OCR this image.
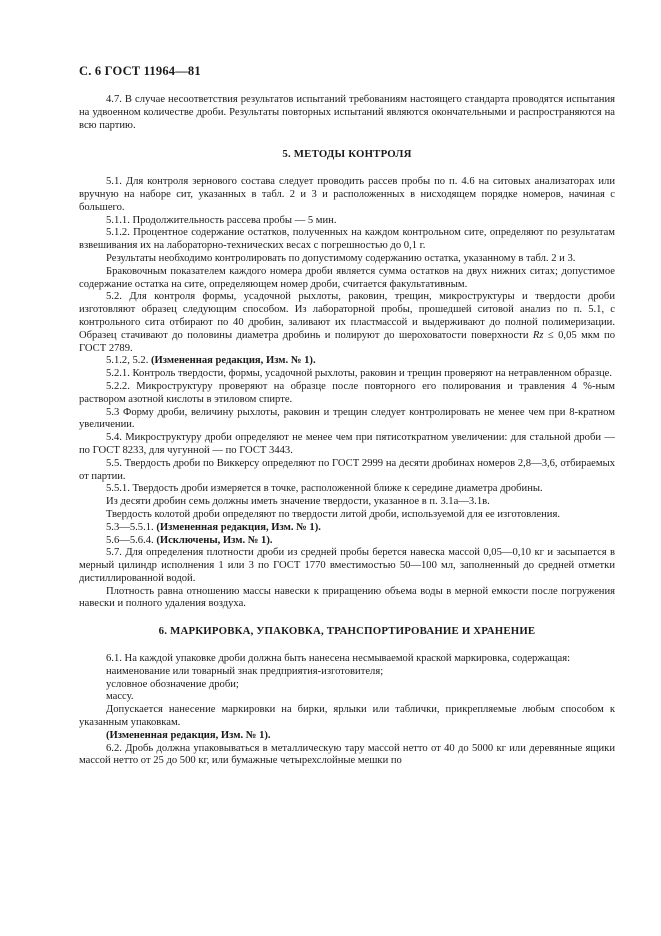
С. 6 ГОСТ 11964—81

4.7. В случае несоответствия результатов испытаний требованиям настоящего стандарта проводятся испытания на удвоенном количестве дроби. Результаты повторных испытаний являются окончательными и распространяются на всю партию.

5. МЕТОДЫ КОНТРОЛЯ

5.1. Для контроля зернового состава следует проводить рассев пробы по п. 4.6 на ситовых анализаторах или вручную на наборе сит, указанных в табл. 2 и 3 и расположенных в нисходящем порядке номеров, начиная с большего.

5.1.1. Продолжительность рассева пробы — 5 мин.

5.1.2. Процентное содержание остатков, полученных на каждом контрольном сите, определяют по результатам взвешивания их на лабораторно-технических весах с погрешностью до 0,1 г.

Результаты необходимо контролировать по допустимому содержанию остатка, указанному в табл. 2 и 3.

Браковочным показателем каждого номера дроби является сумма остатков на двух нижних ситах; допустимое содержание остатка на сите, определяющем номер дроби, считается факультативным.

5.2. Для контроля формы, усадочной рыхлоты, раковин, трещин, микроструктуры и твердости дроби изготовляют образец следующим способом. Из лабораторной пробы, прошедшей ситовой анализ по п. 5.1, с контрольного сита отбирают по 40 дробин, заливают их пластмассой и выдерживают до полной полимеризации. Образец стачивают до половины диаметра дробинь и полируют до шероховатости поверхности Rz ≤ 0,05 мкм по ГОСТ 2789.

5.1.2, 5.2. (Измененная редакция, Изм. № 1).

5.2.1. Контроль твердости, формы, усадочной рыхлоты, раковин и трещин проверяют на нетравленном образце.

5.2.2. Микроструктуру проверяют на образце после повторного его полирования и травления 4 %-ным раствором азотной кислоты в этиловом спирте.

5.3 Форму дроби, величину рыхлоты, раковин и трещин следует контролировать не менее чем при 8-кратном увеличении.

5.4. Микроструктуру дроби определяют не менее чем при пятисоткратном увеличении: для стальной дроби — по ГОСТ 8233, для чугунной — по ГОСТ 3443.

5.5. Твердость дроби по Виккерсу определяют по ГОСТ 2999 на десяти дробинах номеров 2,8—3,6, отбираемых от партии.

5.5.1. Твердость дроби измеряется в точке, расположенной ближе к середине диаметра дробины.

Из десяти дробин семь должны иметь значение твердости, указанное в п. 3.1а—3.1в.

Твердость колотой дроби определяют по твердости литой дроби, используемой для ее изготовления.

5.3—5.5.1. (Измененная редакция, Изм. № 1).

5.6—5.6.4. (Исключены, Изм. № 1).

5.7. Для определения плотности дроби из средней пробы берется навеска массой 0,05—0,10 кг и засыпается в мерный цилиндр исполнения 1 или 3 по ГОСТ 1770 вместимостью 50—100 мл, заполненный до средней отметки дистиллированной водой.

Плотность равна отношению массы навески к приращению объема воды в мерной емкости после погружения навески и полного удаления воздуха.

6. МАРКИРОВКА, УПАКОВКА, ТРАНСПОРТИРОВАНИЕ И ХРАНЕНИЕ

6.1. На каждой упаковке дроби должна быть нанесена несмываемой краской маркировка, содержащая:

наименование или товарный знак предприятия-изготовителя;

условное обозначение дроби;

массу.

Допускается нанесение маркировки на бирки, ярлыки или таблички, прикрепляемые любым способом к указанным упаковкам.

(Измененная редакция, Изм. № 1).

6.2. Дробь должна упаковываться в металлическую тару массой нетто от 40 до 5000 кг или деревянные ящики массой нетто от 25 до 500 кг, или бумажные четырехслойные мешки по
